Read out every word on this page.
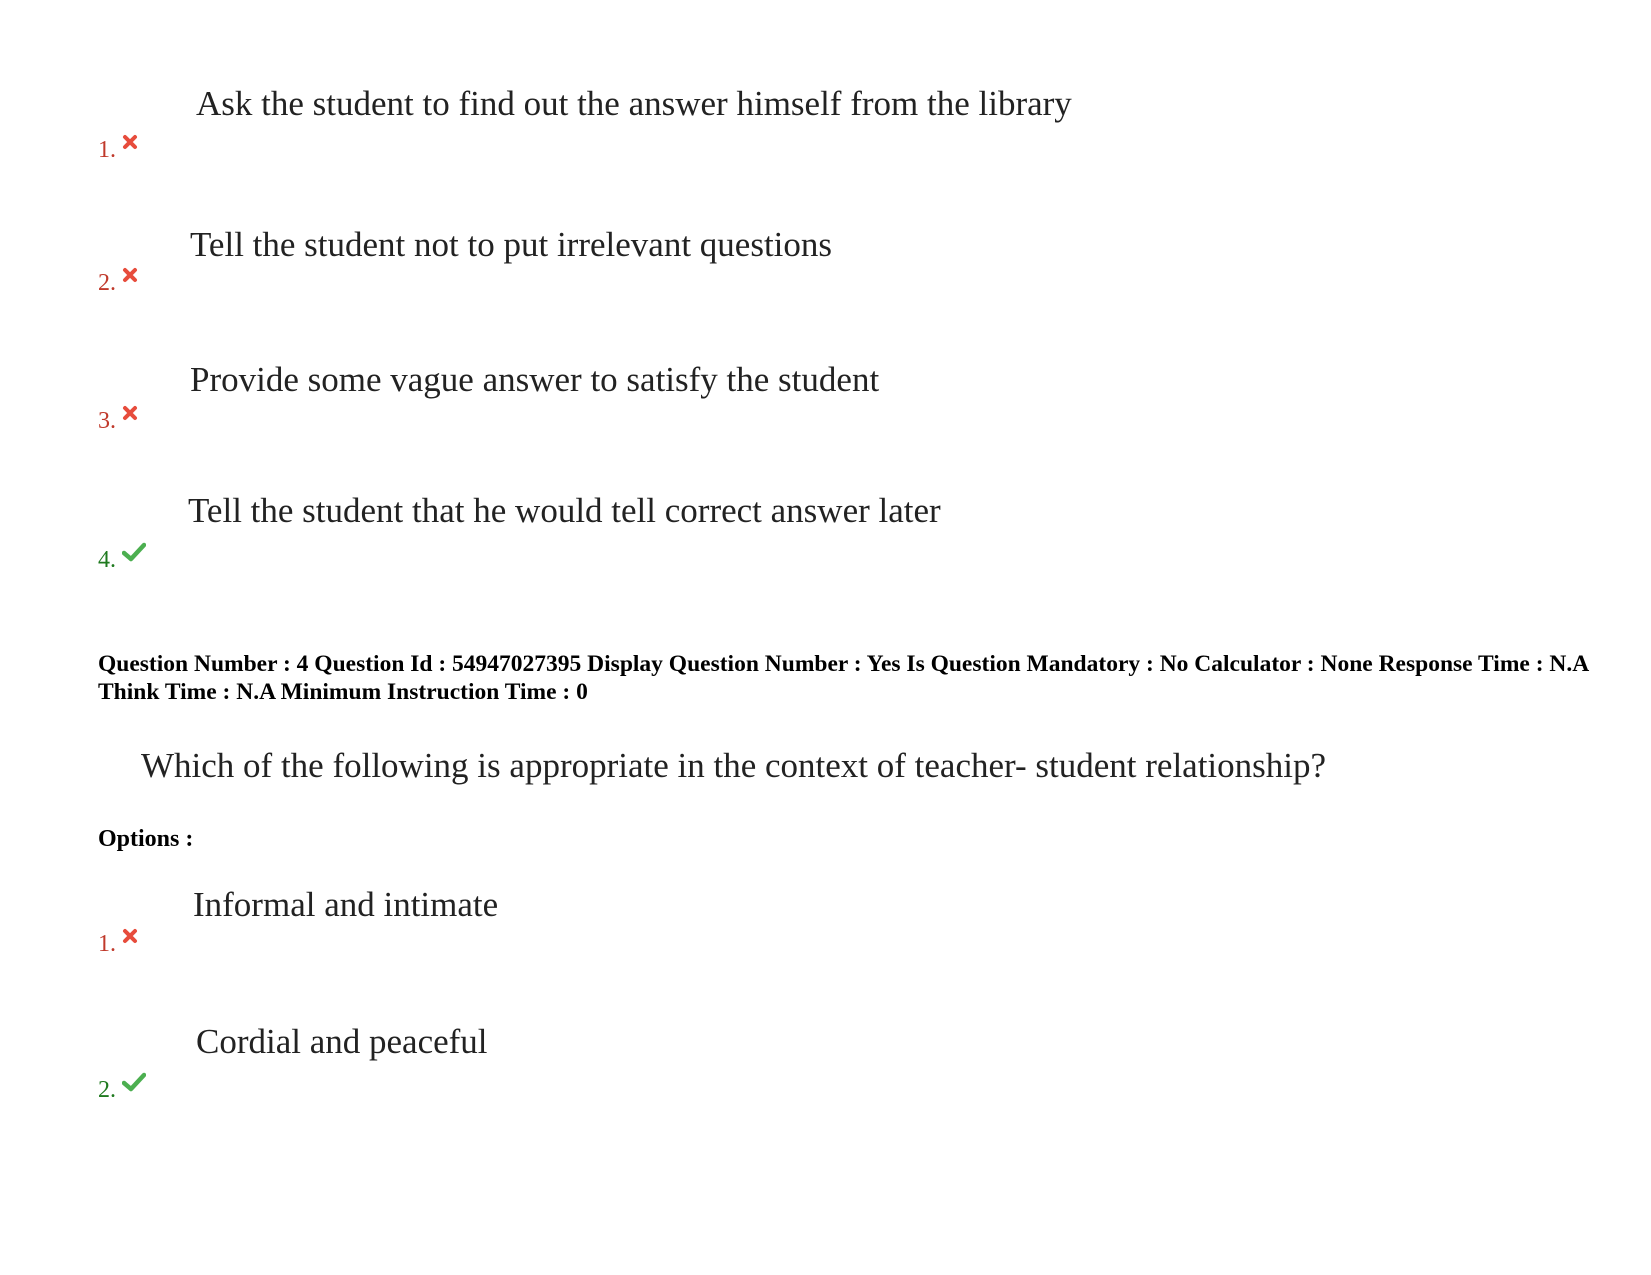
Ask the student to find out the answer himself from the library
1.
Tell the student not to put irrelevant questions
2.
Provide some vague answer to satisfy the student
3.
Tell the student that he would tell correct answer later
4.
Question Number : 4 Question Id : 54947027395 Display Question Number : Yes Is Question Mandatory : No Calculator : None Response Time : N.A Think Time : N.A Minimum Instruction Time : 0
Which of the following is appropriate in the context of teacher- student relationship?
Options :
Informal and intimate
1.
Cordial and peaceful
2.
